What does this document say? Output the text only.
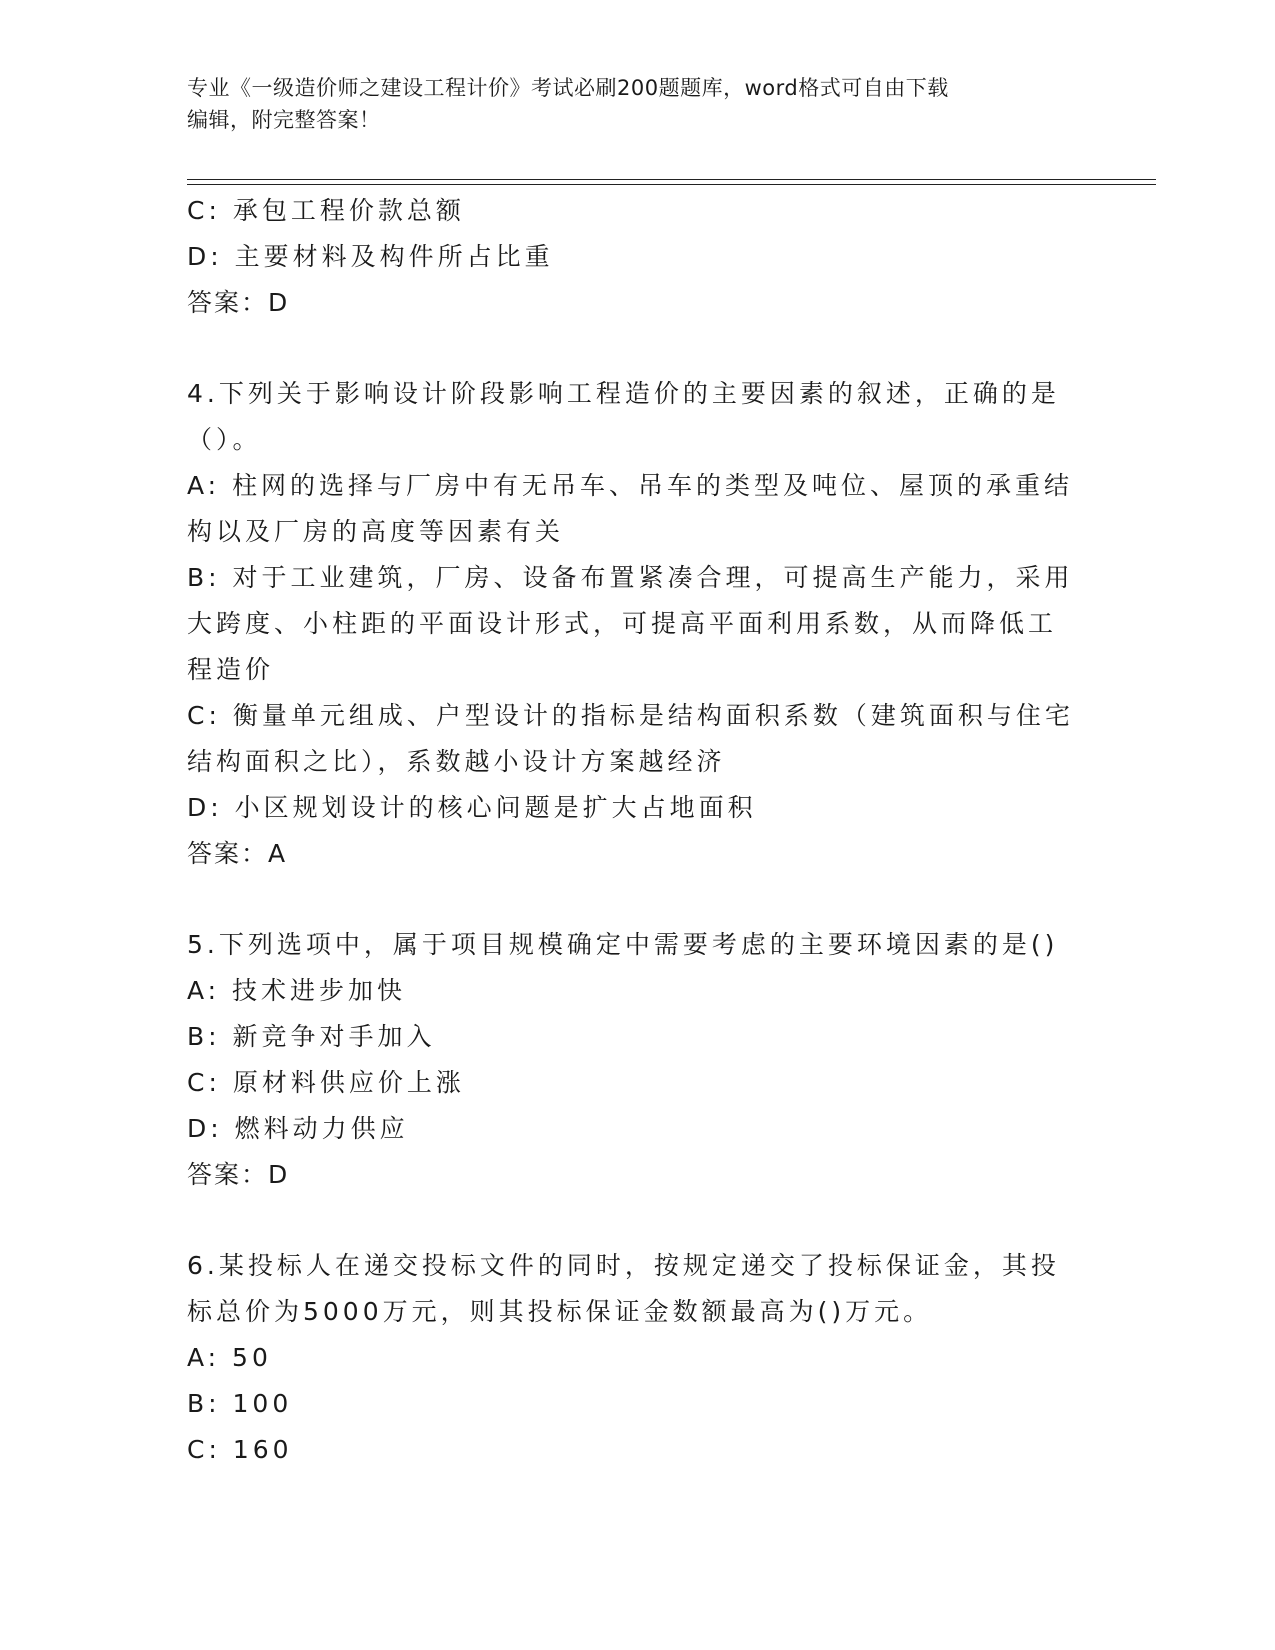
专业《一级造价师之建设工程计价》考试必刷200题题库，word格式可自由下载
编辑，附完整答案！
C: 承包工程价款总额
D: 主要材料及构件所占比重
答案：D
4.下列关于影响设计阶段影响工程造价的主要因素的叙述，正确的是
（）。
A: 柱网的选择与厂房中有无吊车、吊车的类型及吨位、屋顶的承重结
构以及厂房的高度等因素有关
B: 对于工业建筑，厂房、设备布置紧凑合理，可提高生产能力，采用
大跨度、小柱距的平面设计形式，可提高平面利用系数，从而降低工
程造价
C: 衡量单元组成、户型设计的指标是结构面积系数（建筑面积与住宅
结构面积之比），系数越小设计方案越经济
D: 小区规划设计的核心问题是扩大占地面积
答案：A
5.下列选项中，属于项目规模确定中需要考虑的主要环境因素的是()
A: 技术进步加快
B: 新竞争对手加入
C: 原材料供应价上涨
D: 燃料动力供应
答案：D
6.某投标人在递交投标文件的同时，按规定递交了投标保证金，其投
标总价为5000万元，则其投标保证金数额最高为()万元。
A: 50
B: 100
C: 160
